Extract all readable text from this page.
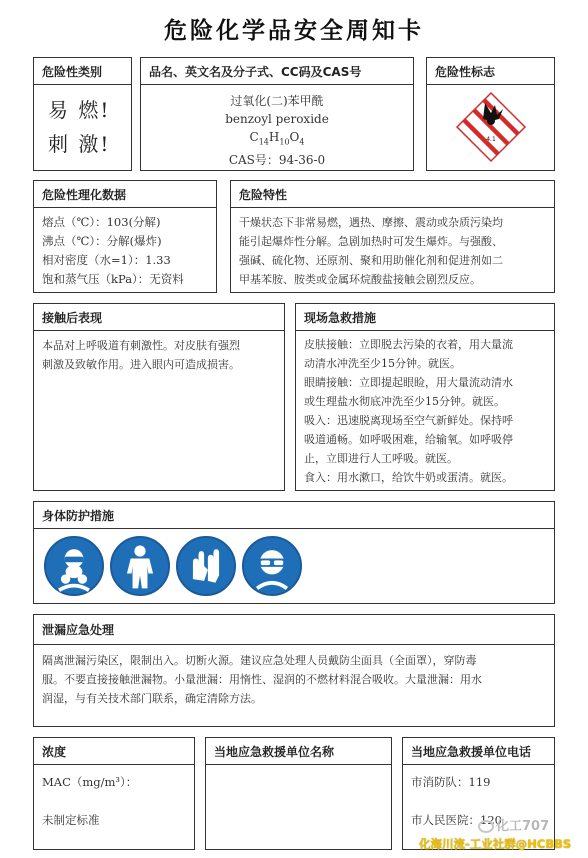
危险化学品安全周知卡
危险性类别
易 燃!
刺 激!
品名、英文名及分子式、CC码及CAS号
过氧化(二)苯甲酰
benzoyl peroxide
$C_{14}H_{10}O_4$
CAS号：94-36-0
危险性标志
4.1
危险性理化数据
熔点（℃）：103(分解)
沸点（℃）：分解(爆炸)
相对密度（水=1）：1.33
饱和蒸气压（kPa）：无资料
危险特性
干燥状态下非常易燃，遇热、摩擦、震动或杂质污染均
能引起爆炸性分解。急剧加热时可发生爆炸。与强酸、
强碱、硫化物、还原剂、聚和用助催化剂和促进剂如二
甲基苯胺、胺类或金属环烷酸盐接触会剧烈反应。
接触后表现
本品对上呼吸道有刺激性。对皮肤有强烈
刺激及致敏作用。进入眼内可造成损害。
现场急救措施
皮肤接触：立即脱去污染的衣着，用大量流
动清水冲洗至少15分钟。就医。
眼睛接触：立即提起眼睑，用大量流动清水
或生理盐水彻底冲洗至少15分钟。就医。
吸入：迅速脱离现场至空气新鲜处。保持呼
吸道通畅。如呼吸困难，给输氧。如呼吸停
止，立即进行人工呼吸。就医。
食入：用水漱口，给饮牛奶或蛋清。就医。
身体防护措施
泄漏应急处理
隔离泄漏污染区，限制出入。切断火源。建议应急处理人员戴防尘面具（全面罩），穿防毒
服。不要直接接触泄漏物。小量泄漏：用惰性、湿润的不燃材料混合吸收。大量泄漏：用水
润湿，与有关技术部门联系，确定清除方法。
浓度
MAC（mg/m³）：
未制定标准
当地应急救援单位名称	当地应急救援单位电话
市消防队：119
市人民医院：120
化工707
化海川流-工业社群@HCBBS
